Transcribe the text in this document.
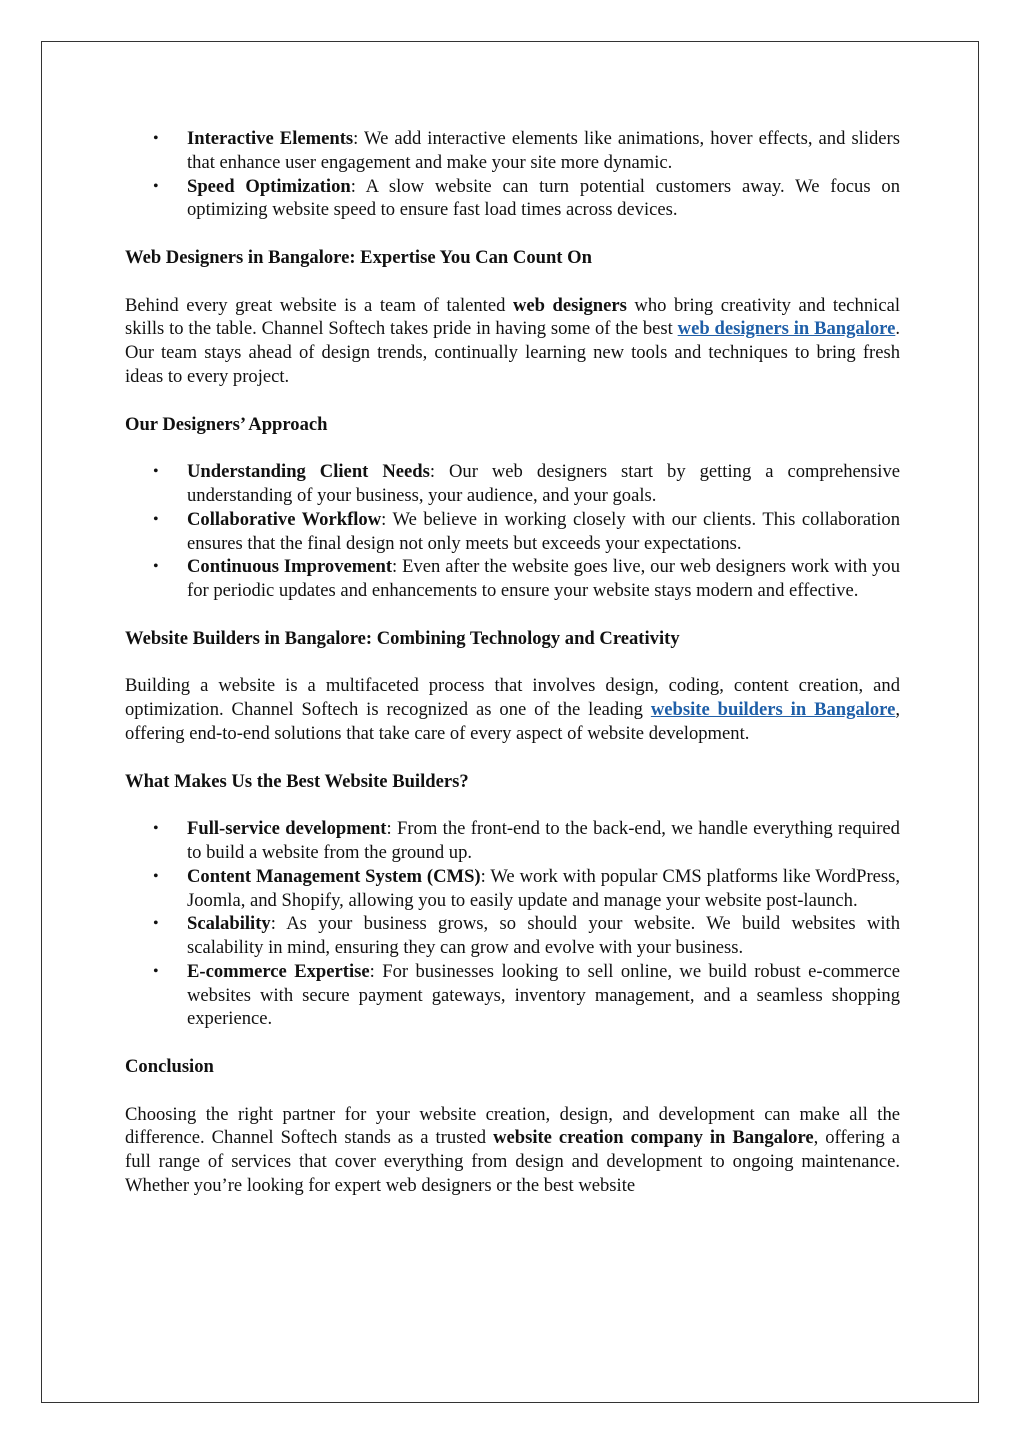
• Interactive Elements: We add interactive elements like animations, hover effects, and sliders that enhance user engagement and make your site more dynamic.
• Speed Optimization: A slow website can turn potential customers away. We focus on optimizing website speed to ensure fast load times across devices.

Web Designers in Bangalore: Expertise You Can Count On

Behind every great website is a team of talented web designers who bring creativity and technical skills to the table. Channel Softech takes pride in having some of the best web designers in Bangalore. Our team stays ahead of design trends, continually learning new tools and techniques to bring fresh ideas to every project.

Our Designers’ Approach

• Understanding Client Needs: Our web designers start by getting a comprehensive understanding of your business, your audience, and your goals.
• Collaborative Workflow: We believe in working closely with our clients. This collaboration ensures that the final design not only meets but exceeds your expectations.
• Continuous Improvement: Even after the website goes live, our web designers work with you for periodic updates and enhancements to ensure your website stays modern and effective.

Website Builders in Bangalore: Combining Technology and Creativity

Building a website is a multifaceted process that involves design, coding, content creation, and optimization. Channel Softech is recognized as one of the leading website builders in Bangalore, offering end-to-end solutions that take care of every aspect of website development.

What Makes Us the Best Website Builders?

• Full-service development: From the front-end to the back-end, we handle everything required to build a website from the ground up.
• Content Management System (CMS): We work with popular CMS platforms like WordPress, Joomla, and Shopify, allowing you to easily update and manage your website post-launch.
• Scalability: As your business grows, so should your website. We build websites with scalability in mind, ensuring they can grow and evolve with your business.
• E-commerce Expertise: For businesses looking to sell online, we build robust e-commerce websites with secure payment gateways, inventory management, and a seamless shopping experience.

Conclusion

Choosing the right partner for your website creation, design, and development can make all the difference. Channel Softech stands as a trusted website creation company in Bangalore, offering a full range of services that cover everything from design and development to ongoing maintenance. Whether you’re looking for expert web designers or the best website
